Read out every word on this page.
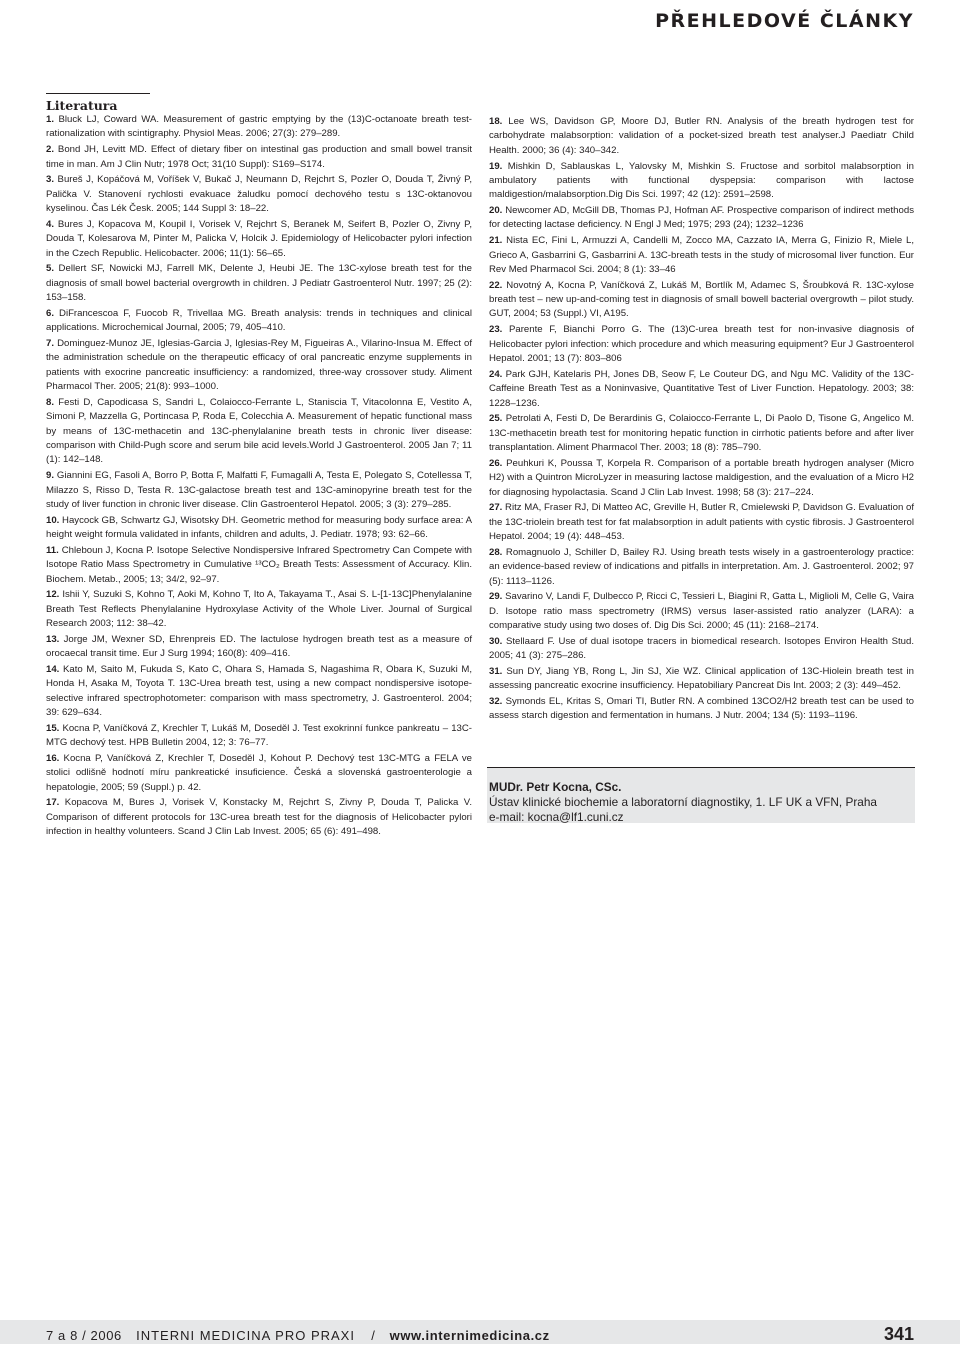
PŘEHLEDOVÉ ČLÁNKY
Literatura

1. Bluck LJ, Coward WA. Measurement of gastric emptying by the (13)C-octanoate breath test-rationalization with scintigraphy. Physiol Meas. 2006; 27(3): 279–289.

2. Bond JH, Levitt MD. Effect of dietary fiber on intestinal gas production and small bowel transit time in man. Am J Clin Nutr; 1978 Oct; 31(10 Suppl): S169–S174.

3. Bureš J, Kopáčová M, Voříšek V, Bukač J, Neumann D, Rejchrt S, Pozler O, Douda T, Živný P, Palička V. Stanovení rychlosti evakuace žaludku pomocí dechového testu s 13C-oktanovou kyselinou. Čas Lék Česk. 2005; 144 Suppl 3: 18–22.

4. Bures J, Kopacova M, Koupil I, Vorisek V, Rejchrt S, Beranek M, Seifert B, Pozler O, Zivny P, Douda T, Kolesarova M, Pinter M, Palicka V, Holcik J. Epidemiology of Helicobacter pylori infection in the Czech Republic. Helicobacter. 2006; 11(1): 56–65.

5. Dellert SF, Nowicki MJ, Farrell MK, Delente J, Heubi JE. The 13C-xylose breath test for the diagnosis of small bowel bacterial overgrowth in children. J Pediatr Gastroenterol Nutr. 1997; 25 (2): 153–158.

6. DiFrancescoa F, Fuocob R, Trivellaa MG. Breath analysis: trends in techniques and clinical applications. Microchemical Journal, 2005; 79, 405–410.

7. Dominguez-Munoz JE, Iglesias-Garcia J, Iglesias-Rey M, Figueiras A., Vilarino-Insua M. Effect of the administration schedule on the therapeutic efficacy of oral pancreatic enzyme supplements in patients with exocrine pancreatic insufficiency: a randomized, three-way crossover study. Aliment Pharmacol Ther. 2005; 21(8): 993–1000.

8. Festi D, Capodicasa S, Sandri L, Colaiocco-Ferrante L, Staniscia T, Vitacolonna E, Vestito A, Simoni P, Mazzella G, Portincasa P, Roda E, Colecchia A. Measurement of hepatic functional mass by means of 13C-methacetin and 13C-phenylalanine breath tests in chronic liver disease: comparison with Child-Pugh score and serum bile acid levels.World J Gastroenterol. 2005 Jan 7; 11 (1): 142–148.

9. Giannini EG, Fasoli A, Borro P, Botta F, Malfatti F, Fumagalli A, Testa E, Polegato S, Cotellessa T, Milazzo S, Risso D, Testa R. 13C-galactose breath test and 13C-aminopyrine breath test for the study of liver function in chronic liver disease. Clin Gastroenterol Hepatol. 2005; 3 (3): 279–285.

10. Haycock GB, Schwartz GJ, Wisotsky DH. Geometric method for measuring body surface area: A height weight formula validated in infants, children and adults, J. Pediatr. 1978; 93: 62–66.

11. Chleboun J, Kocna P. Isotope Selective Nondispersive Infrared Spectrometry Can Compete with Isotope Ratio Mass Spectrometry in Cumulative ¹³CO₂ Breath Tests: Assessment of Accuracy. Klin. Biochem. Metab., 2005; 13; 34/2, 92–97.

12. Ishii Y, Suzuki S, Kohno T, Aoki M, Kohno T, Ito A, Takayama T., Asai S. L-[1-13C]Phenylalanine Breath Test Reflects Phenylalanine Hydroxylase Activity of the Whole Liver. Journal of Surgical Research 2003; 112: 38–42.

13. Jorge JM, Wexner SD, Ehrenpreis ED. The lactulose hydrogen breath test as a measure of orocaecal transit time. Eur J Surg 1994; 160(8): 409–416.

14. Kato M, Saito M, Fukuda S, Kato C, Ohara S, Hamada S, Nagashima R, Obara K, Suzuki M, Honda H, Asaka M, Toyota T. 13C-Urea breath test, using a new compact nondispersive isotope-selective infrared spectrophotometer: comparison with mass spectrometry, J. Gastroenterol. 2004; 39: 629–634.

15. Kocna P, Vaníčková Z, Krechler T, Lukáš M, Doseděl J. Test exokrinní funkce pankreatu – 13C-MTG dechový test. HPB Bulletin 2004, 12; 3: 76–77.

16. Kocna P, Vaníčková Z, Krechler T, Doseděl J, Kohout P. Dechový test 13C-MTG a FELA ve stolici odlišně hodnotí míru pankreatické insuficience. Česká a slovenská gastroenterologie a hepatologie, 2005; 59 (Suppl.) p. 42.

17. Kopacova M, Bures J, Vorisek V, Konstacky M, Rejchrt S, Zivny P, Douda T, Palicka V. Comparison of different protocols for 13C-urea breath test for the diagnosis of Helicobacter pylori infection in healthy volunteers. Scand J Clin Lab Invest. 2005; 65 (6): 491–498.

18. Lee WS, Davidson GP, Moore DJ, Butler RN. Analysis of the breath hydrogen test for carbohydrate malabsorption: validation of a pocket-sized breath test analyser.J Paediatr Child Health. 2000; 36 (4): 340–342.

19. Mishkin D, Sablauskas L, Yalovsky M, Mishkin S. Fructose and sorbitol malabsorption in ambulatory patients with functional dyspepsia: comparison with lactose maldigestion/malabsorption.Dig Dis Sci. 1997; 42 (12): 2591–2598.

20. Newcomer AD, McGill DB, Thomas PJ, Hofman AF. Prospective comparison of indirect methods for detecting lactase deficiency. N Engl J Med; 1975; 293 (24); 1232–1236

21. Nista EC, Fini L, Armuzzi A, Candelli M, Zocco MA, Cazzato IA, Merra G, Finizio R, Miele L, Grieco A, Gasbarrini G, Gasbarrini A. 13C-breath tests in the study of microsomal liver function. Eur Rev Med Pharmacol Sci. 2004; 8 (1): 33–46

22. Novotný A, Kocna P, Vaníčková Z, Lukáš M, Bortlík M, Adamec S, Šroubková R. 13C-xylose breath test – new up-and-coming test in diagnosis of small bowell bacterial overgrowth – pilot study. GUT, 2004; 53 (Suppl.) VI, A195.

23. Parente F, Bianchi Porro G. The (13)C-urea breath test for non-invasive diagnosis of Helicobacter pylori infection: which procedure and which measuring equipment? Eur J Gastroenterol Hepatol. 2001; 13 (7): 803–806

24. Park GJH, Katelaris PH, Jones DB, Seow F, Le Couteur DG, and Ngu MC. Validity of the 13C-Caffeine Breath Test as a Noninvasive, Quantitative Test of Liver Function. Hepatology. 2003; 38: 1228–1236.

25. Petrolati A, Festi D, De Berardinis G, Colaiocco-Ferrante L, Di Paolo D, Tisone G, Angelico M. 13C-methacetin breath test for monitoring hepatic function in cirrhotic patients before and after liver transplantation. Aliment Pharmacol Ther. 2003; 18 (8): 785–790.

26. Peuhkuri K, Poussa T, Korpela R. Comparison of a portable breath hydrogen analyser (Micro H2) with a Quintron MicroLyzer in measuring lactose maldigestion, and the evaluation of a Micro H2 for diagnosing hypolactasia. Scand J Clin Lab Invest. 1998; 58 (3): 217–224.

27. Ritz MA, Fraser RJ, Di Matteo AC, Greville H, Butler R, Cmielewski P, Davidson G. Evaluation of the 13C-triolein breath test for fat malabsorption in adult patients with cystic fibrosis. J Gastroenterol Hepatol. 2004; 19 (4): 448–453.

28. Romagnuolo J, Schiller D, Bailey RJ. Using breath tests wisely in a gastroenterology practice: an evidence-based review of indications and pitfalls in interpretation. Am. J. Gastroenterol. 2002; 97 (5): 1113–1126.

29. Savarino V, Landi F, Dulbecco P, Ricci C, Tessieri L, Biagini R, Gatta L, Miglioli M, Celle G, Vaira D. Isotope ratio mass spectrometry (IRMS) versus laser-assisted ratio analyzer (LARA): a comparative study using two doses of. Dig Dis Sci. 2000; 45 (11): 2168–2174.

30. Stellaard F. Use of dual isotope tracers in biomedical research. Isotopes Environ Health Stud. 2005; 41 (3): 275–286.

31. Sun DY, Jiang YB, Rong L, Jin SJ, Xie WZ. Clinical application of 13C-Hiolein breath test in assessing pancreatic exocrine insufficiency. Hepatobiliary Pancreat Dis Int. 2003; 2 (3): 449–452.

32. Symonds EL, Kritas S, Omari TI, Butler RN. A combined 13CO2/H2 breath test can be used to assess starch digestion and fermentation in humans. J Nutr. 2004; 134 (5): 1193–1196.

MUDr. Petr Kocna, CSc.
Ústav klinické biochemie a laboratorní diagnostiky, 1. LF UK a VFN, Praha
e-mail: kocna@lf1.cuni.cz
7 a 8 / 2006 INTERNI MEDICINA PRO PRAXI / www.internimedicina.cz	341
